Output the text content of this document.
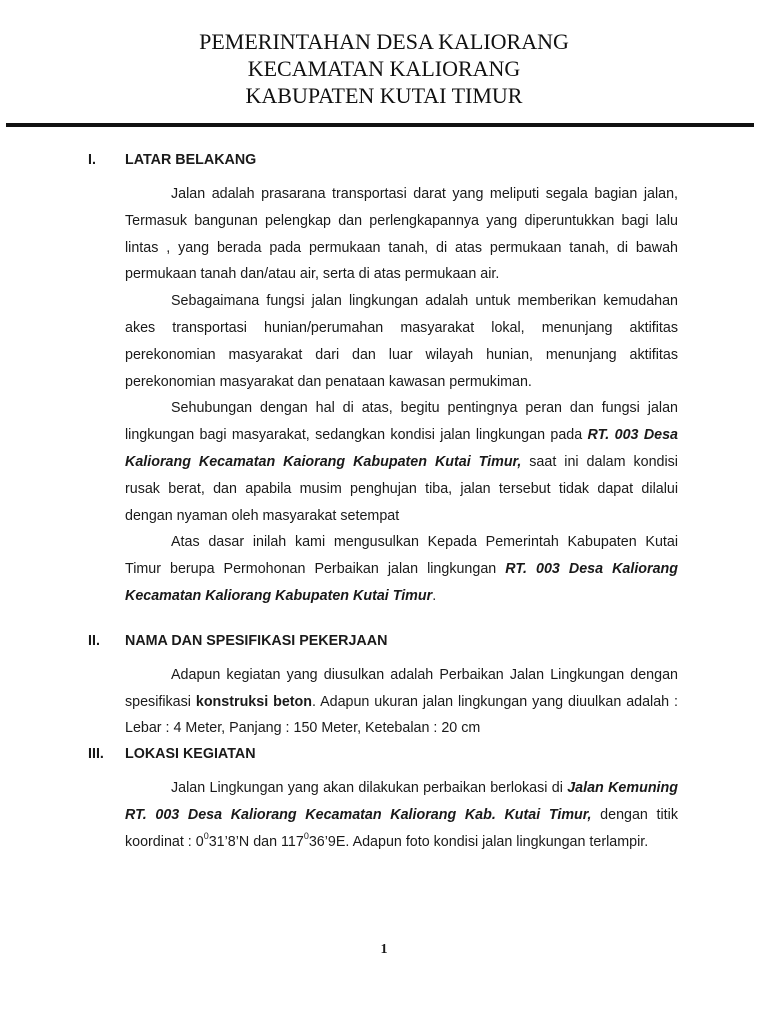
PEMERINTAHAN DESA KALIORANG
KECAMATAN KALIORANG
KABUPATEN KUTAI TIMUR
I.	LATAR BELAKANG

Jalan adalah prasarana transportasi darat yang meliputi segala bagian jalan, Termasuk bangunan pelengkap dan perlengkapannya yang diperuntukkan bagi lalu lintas , yang berada pada permukaan tanah, di atas permukaan tanah, di bawah permukaan tanah dan/atau air, serta di atas permukaan air.

Sebagaimana fungsi jalan lingkungan adalah untuk memberikan kemudahan akes transportasi hunian/perumahan masyarakat lokal, menunjang aktifitas perekonomian masyarakat dari dan luar wilayah hunian, menunjang aktifitas perekonomian masyarakat dan penataan kawasan permukiman.

Sehubungan dengan hal di atas, begitu pentingnya peran dan fungsi jalan lingkungan bagi masyarakat, sedangkan kondisi jalan lingkungan pada RT. 003 Desa Kaliorang Kecamatan Kaiorang Kabupaten Kutai Timur, saat ini dalam kondisi rusak berat, dan apabila musim penghujan tiba, jalan tersebut tidak dapat dilalui dengan nyaman oleh masyarakat setempat

Atas dasar inilah kami mengusulkan Kepada Pemerintah Kabupaten Kutai Timur berupa Permohonan Perbaikan jalan lingkungan RT. 003 Desa Kaliorang Kecamatan Kaliorang Kabupaten Kutai Timur.

II.	NAMA DAN SPESIFIKASI PEKERJAAN

Adapun kegiatan yang diusulkan adalah Perbaikan Jalan Lingkungan dengan spesifikasi konstruksi beton. Adapun ukuran jalan lingkungan yang diuulkan adalah : Lebar : 4 Meter, Panjang : 150 Meter, Ketebalan : 20 cm

III.	LOKASI KEGIATAN

Jalan Lingkungan yang akan dilakukan perbaikan berlokasi di Jalan Kemuning RT. 003 Desa Kaliorang Kecamatan Kaliorang Kab. Kutai Timur, dengan titik koordinat : $0^031’8’N$ dan $117^036’9E$. Adapun foto kondisi jalan lingkungan terlampir.

1
